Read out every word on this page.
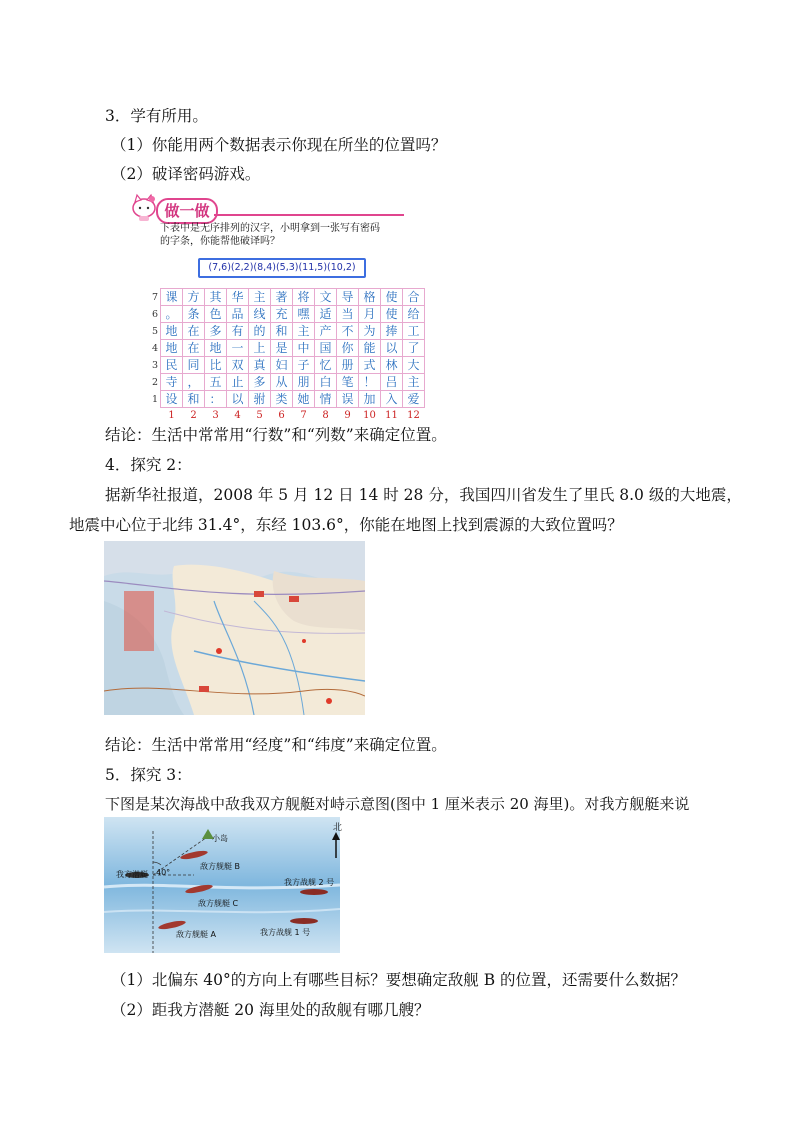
3．学有所用。
（1）你能用两个数据表示你现在所坐的位置吗？
（2）破译密码游戏。
做一做
下表中是无序排列的汉字，小明拿到一张写有密码
的字条，你能帮他破译吗？
(7,6)(2,2)(8,4)(5,3)(11,5)(10,2)
7	课	方	其	华	主	著	将	文	导	格	使	合
6	。	条	色	品	线	充	嘿	适	当	月	使	给
5	地	在	多	有	的	和	主	产	不	为	捧	工
4	地	在	地	一	上	是	中	国	你	能	以	了
3	民	同	比	双	真	妇	子	忆	册	式	林	大
2	寺	，	五	止	多	从	朋	白	笔	！	吕	主
1	设	和	：	以	驸	类	她	情	误	加	入	爱
	1	2	3	4	5	6	7	8	9	10	11	12
结论：生活中常常用“行数”和“列数”来确定位置。
4．探究 2：
据新华社报道，2008 年 5 月 12 日 14 时 28 分，我国四川省发生了里氏 8.0 级的大地震，
地震中心位于北纬 31.4°，东经 103.6°，你能在地图上找到震源的大致位置吗？
结论：生活中常常用“经度”和“纬度”来确定位置。
5．探究 3：
下图是某次海战中敌我双方舰艇对峙示意图(图中 1 厘米表示 20 海里)。对我方舰艇来说
小岛
敌方舰艇 B
我方潜艇 40°
我方战舰 2 号
敌方舰艇 C
敌方舰艇 A	我方战舰 1 号
北
（1）北偏东 40°的方向上有哪些目标？要想确定敌舰 B 的位置，还需要什么数据？
（2）距我方潜艇 20 海里处的敌舰有哪几艘？
